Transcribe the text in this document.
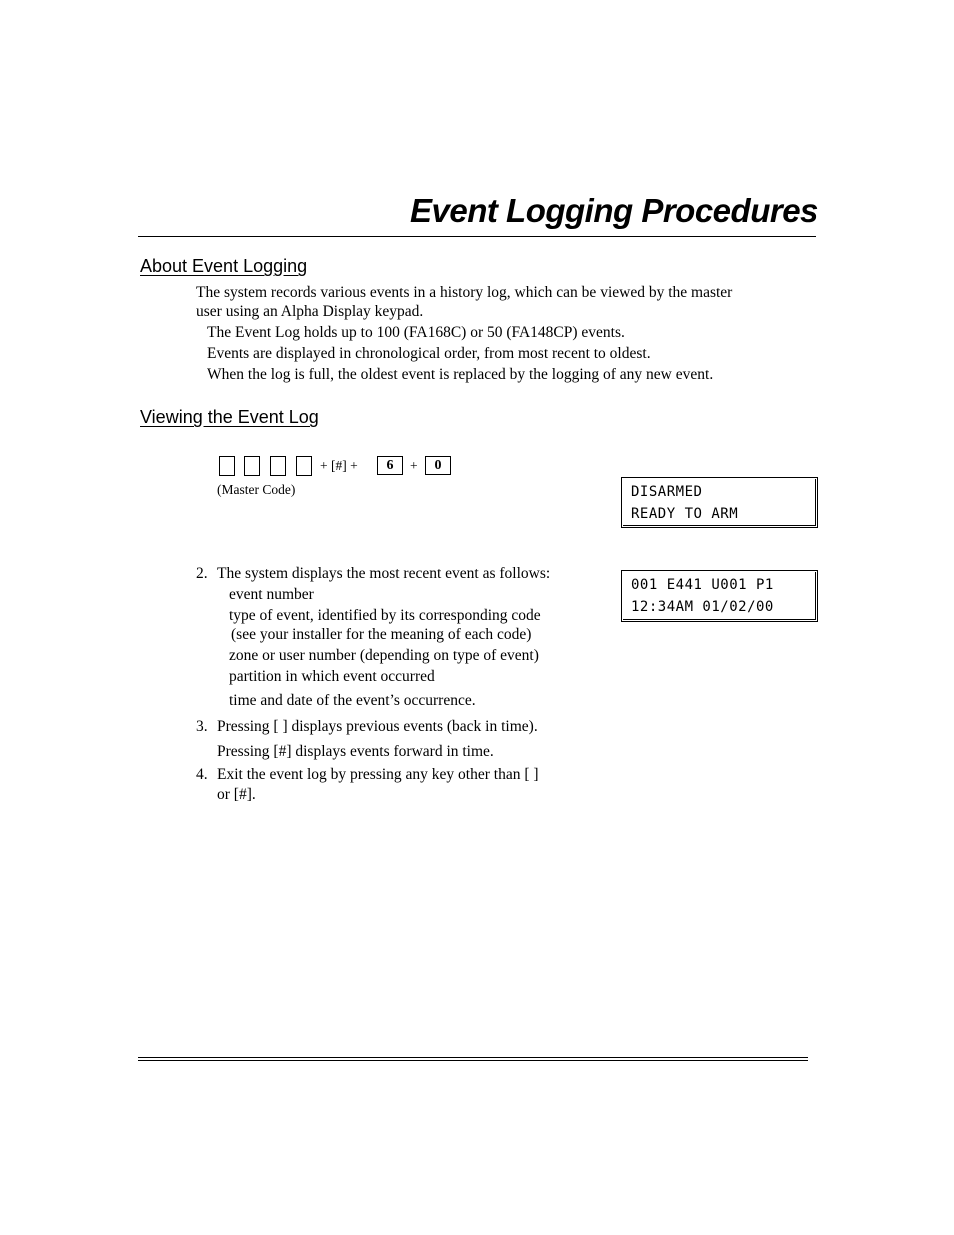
Event Logging Procedures
About Event Logging
The system records various events in a history log, which can be viewed by the master
user using an Alpha Display keypad.
The Event Log holds up to 100 (FA168C) or 50 (FA148CP) events.
Events are displayed in chronological order, from most recent to oldest.
When the log is full, the oldest event is replaced by the logging of any new event.
Viewing the Event Log
+ [#] +	6	+	0
(Master Code)	DISARMED
READY TO ARM
001 E441 U001 P1
12:34AM 01/02/00
2. The system displays the most recent event as follows:
event number
type of event, identified by its corresponding code
(see your installer for the meaning of each code)
zone or user number (depending on type of event)
partition in which event occurred
time and date of the event’s occurrence.
3. Pressing [ ] displays previous events (back in time).
Pressing [#] displays events forward in time.
4. Exit the event log by pressing any key other than [ ]
or [#].
